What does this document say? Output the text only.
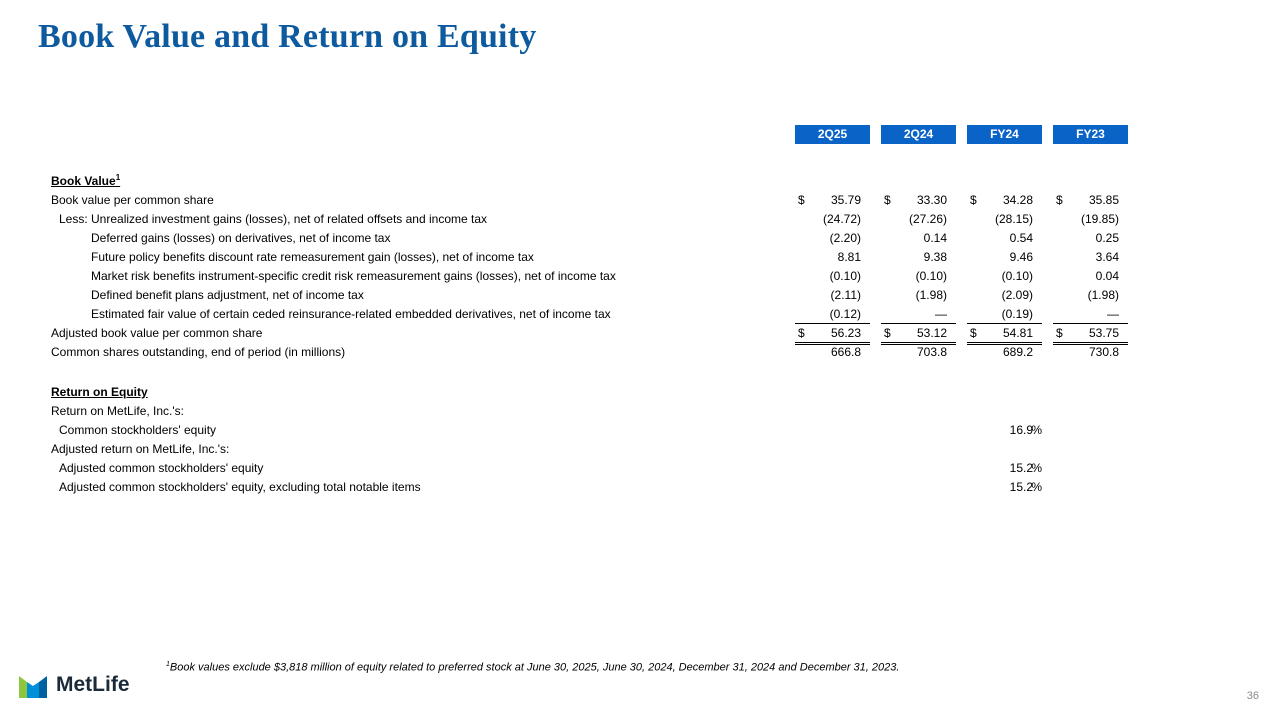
Book Value and Return on Equity
2Q25	2Q24	FY24	FY23
Book Value$^1$
Book value per common share	$ 35.79 $ 33.30 $ 34.28 $ 35.85
Less: Unrealized investment gains (losses), net of related offsets and income tax	(24.72)	(27.26)	(28.15)	(19.85)
Deferred gains (losses) on derivatives, net of income tax	(2.20)	0.14	0.54	0.25
Future policy benefits discount rate remeasurement gain (losses), net of income tax	8.81	9.38	9.46	3.64
Market risk benefits instrument-specific credit risk remeasurement gains (losses), net of income tax	(0.10)	(0.10)	(0.10)	0.04
Defined benefit plans adjustment, net of income tax	(2.11)	(1.98)	(2.09)	(1.98)
Estimated fair value of certain ceded reinsurance-related embedded derivatives, net of income tax	(0.12)	—	(0.19)	—
Adjusted book value per common share	$ 56.23 $ 53.12 $ 54.81 $ 53.75
Common shares outstanding, end of period (in millions)	666.8	703.8	689.2	730.8
Return on Equity
Return on MetLife, Inc.'s:
Common stockholders' equity	16.9
%
Adjusted return on MetLife, Inc.'s:
Adjusted common stockholders' equity	15.2
%
Adjusted common stockholders' equity, excluding total notable items	15.2
%
$^1$Book values exclude $3,818 million of equity related to preferred stock at June 30, 2025, June 30, 2024, December 31, 2024 and December 31, 2023.
MetLife	36
